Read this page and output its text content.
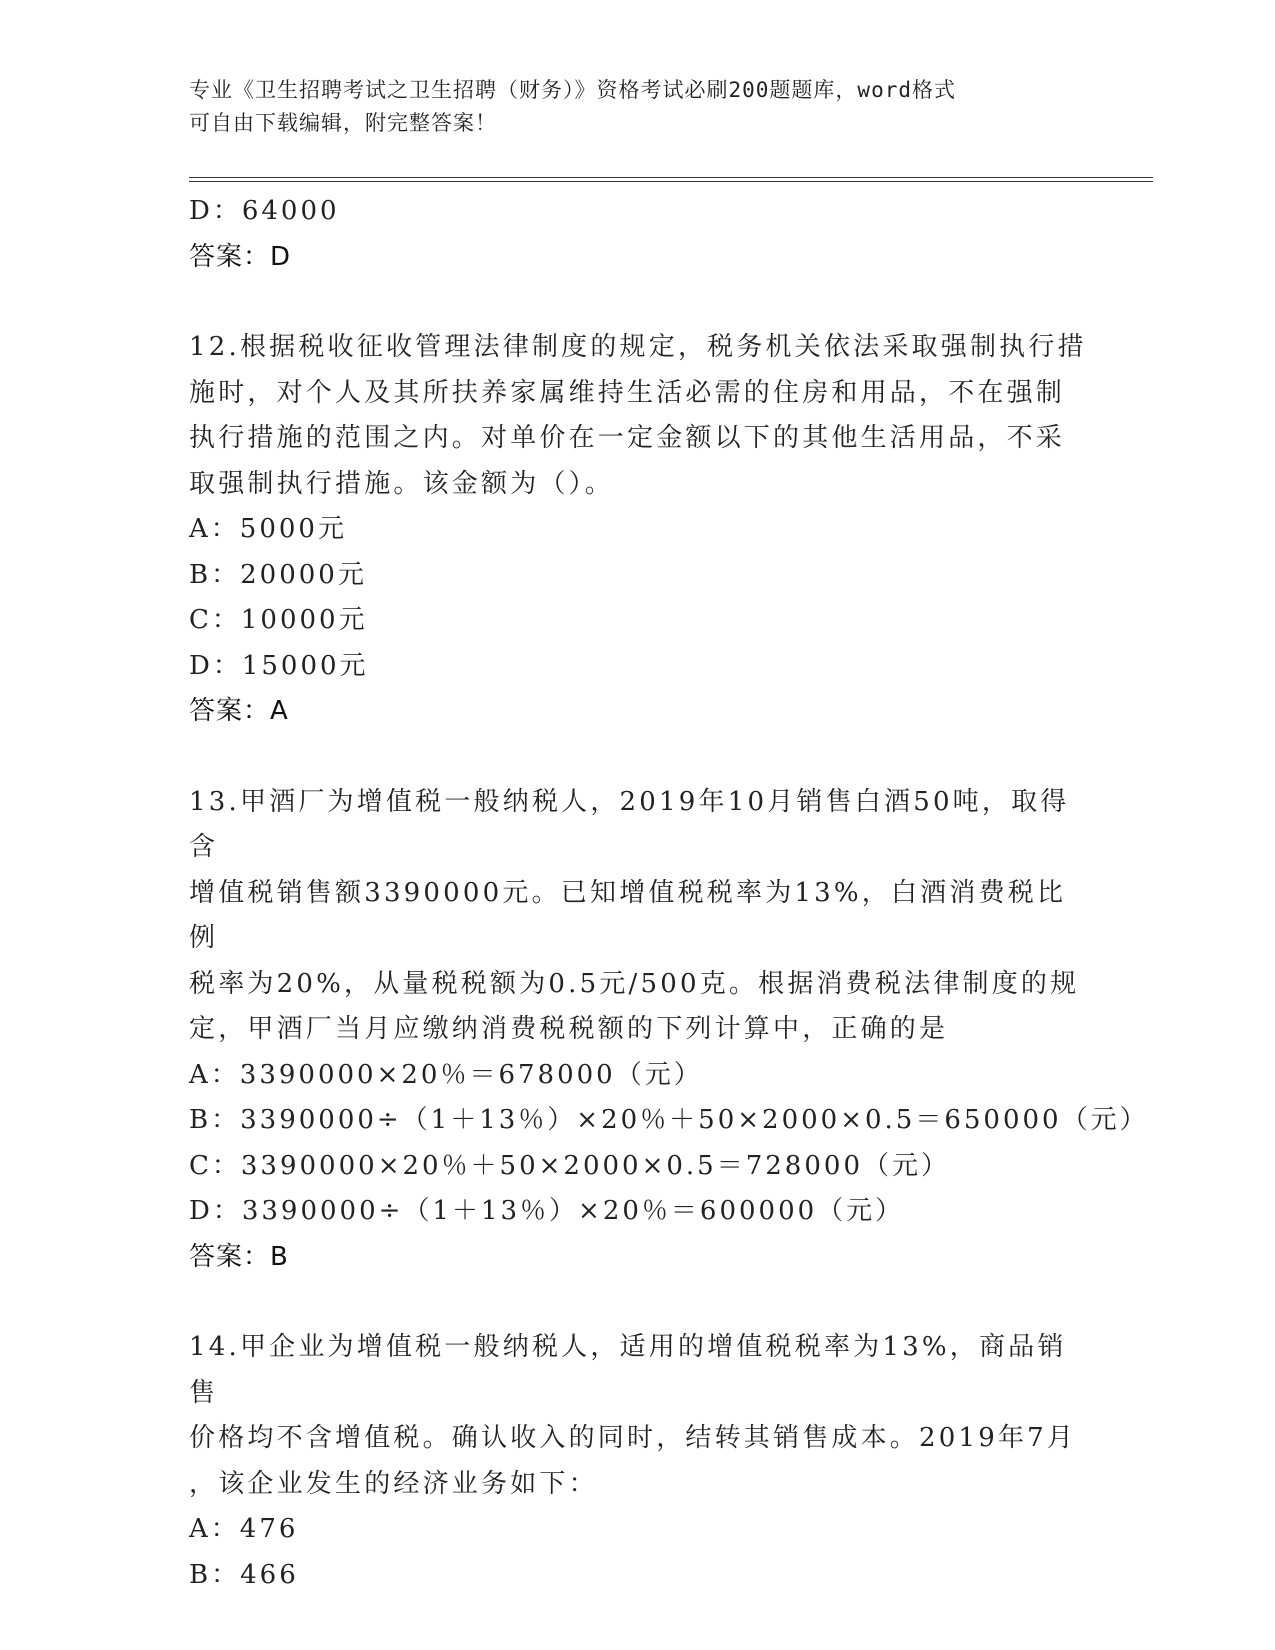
专业《卫生招聘考试之卫生招聘（财务）》资格考试必刷200题题库，word格式
可自由下载编辑，附完整答案！
D：64000
答案：D
12.根据税收征收管理法律制度的规定，税务机关依法采取强制执行措
施时，对个人及其所扶养家属维持生活必需的住房和用品，不在强制
执行措施的范围之内。对单价在一定金额以下的其他生活用品，不采
取强制执行措施。该金额为（）。
A：5000元
B：20000元
C：10000元
D：15000元
答案：A
13.甲酒厂为增值税一般纳税人，2019年10月销售白酒50吨，取得含
增值税销售额3390000元。已知增值税税率为13%，白酒消费税比例
税率为20%，从量税税额为0.5元/500克。根据消费税法律制度的规
定，甲酒厂当月应缴纳消费税税额的下列计算中，正确的是
A：3390000×20％＝678000（元）
B：3390000÷（1＋13％）×20％＋50×2000×0.5＝650000（元）
C：3390000×20％＋50×2000×0.5＝728000（元）
D：3390000÷（1＋13％）×20％＝600000（元）
答案：B
14.甲企业为增值税一般纳税人，适用的增值税税率为13%，商品销售
价格均不含增值税。确认收入的同时，结转其销售成本。2019年7月
，该企业发生的经济业务如下：
A：476
B：466
